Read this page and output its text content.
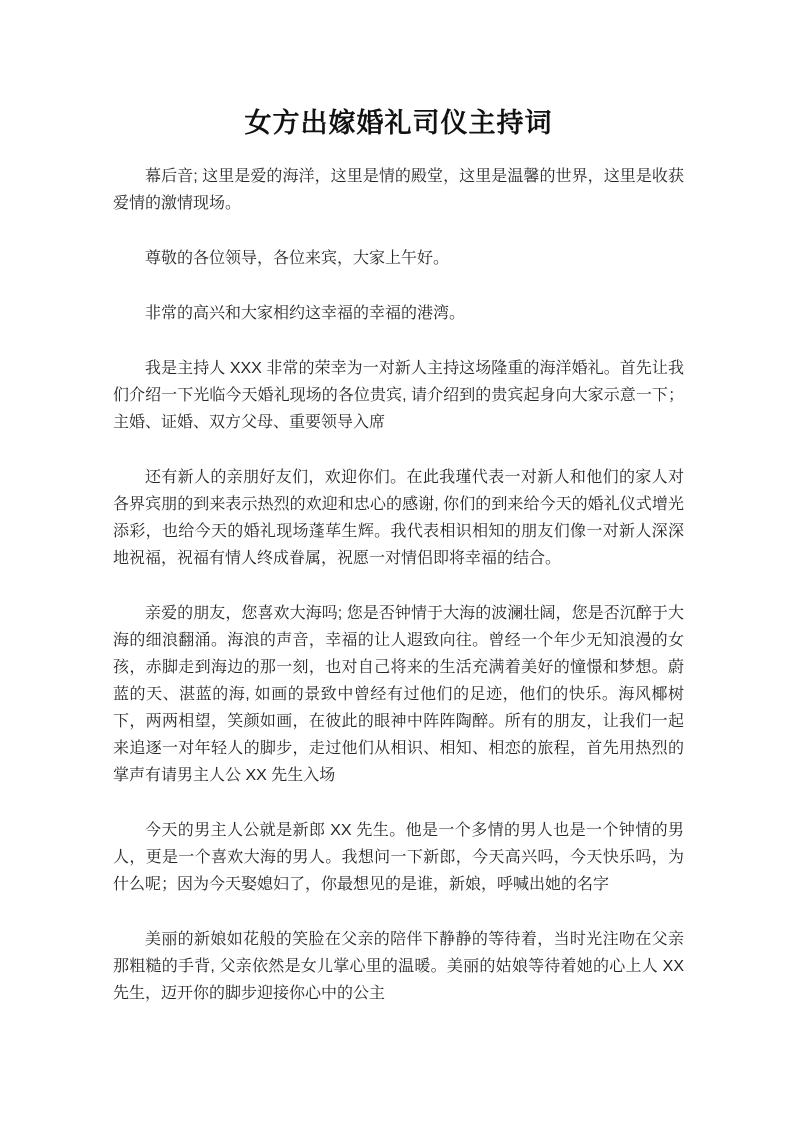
女方出嫁婚礼司仪主持词

幕后音; 这里是爱的海洋，这里是情的殿堂，这里是温馨的世界，这里是收获爱情的激情现场。

尊敬的各位领导，各位来宾，大家上午好。

非常的高兴和大家相约这幸福的幸福的港湾。

我是主持人 XXX 非常的荣幸为一对新人主持这场隆重的海洋婚礼。首先让我们介绍一下光临今天婚礼现场的各位贵宾, 请介绍到的贵宾起身向大家示意一下；主婚、证婚、双方父母、重要领导入席

还有新人的亲朋好友们，欢迎你们。在此我瑾代表一对新人和他们的家人对各界宾朋的到来表示热烈的欢迎和忠心的感谢, 你们的到来给今天的婚礼仪式增光添彩，也给今天的婚礼现场蓬荜生辉。我代表相识相知的朋友们像一对新人深深地祝福，祝福有情人终成眷属，祝愿一对情侣即将幸福的结合。

亲爱的朋友，您喜欢大海吗; 您是否钟情于大海的波澜壮阔，您是否沉醉于大海的细浪翻涌。海浪的声音，幸福的让人遐致向往。曾经一个年少无知浪漫的女孩，赤脚走到海边的那一刻，也对自己将来的生活充满着美好的憧憬和梦想。蔚蓝的天、湛蓝的海, 如画的景致中曾经有过他们的足迹，他们的快乐。海风椰树下，两两相望，笑颜如画，在彼此的眼神中阵阵陶醉。所有的朋友，让我们一起来追逐一对年轻人的脚步，走过他们从相识、相知、相恋的旅程，首先用热烈的掌声有请男主人公 XX 先生入场

今天的男主人公就是新郎 XX 先生。他是一个多情的男人也是一个钟情的男人，更是一个喜欢大海的男人。我想问一下新郎，今天高兴吗，今天快乐吗，为什么呢；因为今天娶媳妇了，你最想见的是谁，新娘，呼喊出她的名字

美丽的新娘如花般的笑脸在父亲的陪伴下静静的等待着，当时光注吻在父亲那粗糙的手背, 父亲依然是女儿掌心里的温暖。美丽的姑娘等待着她的心上人 XX 先生，迈开你的脚步迎接你心中的公主
